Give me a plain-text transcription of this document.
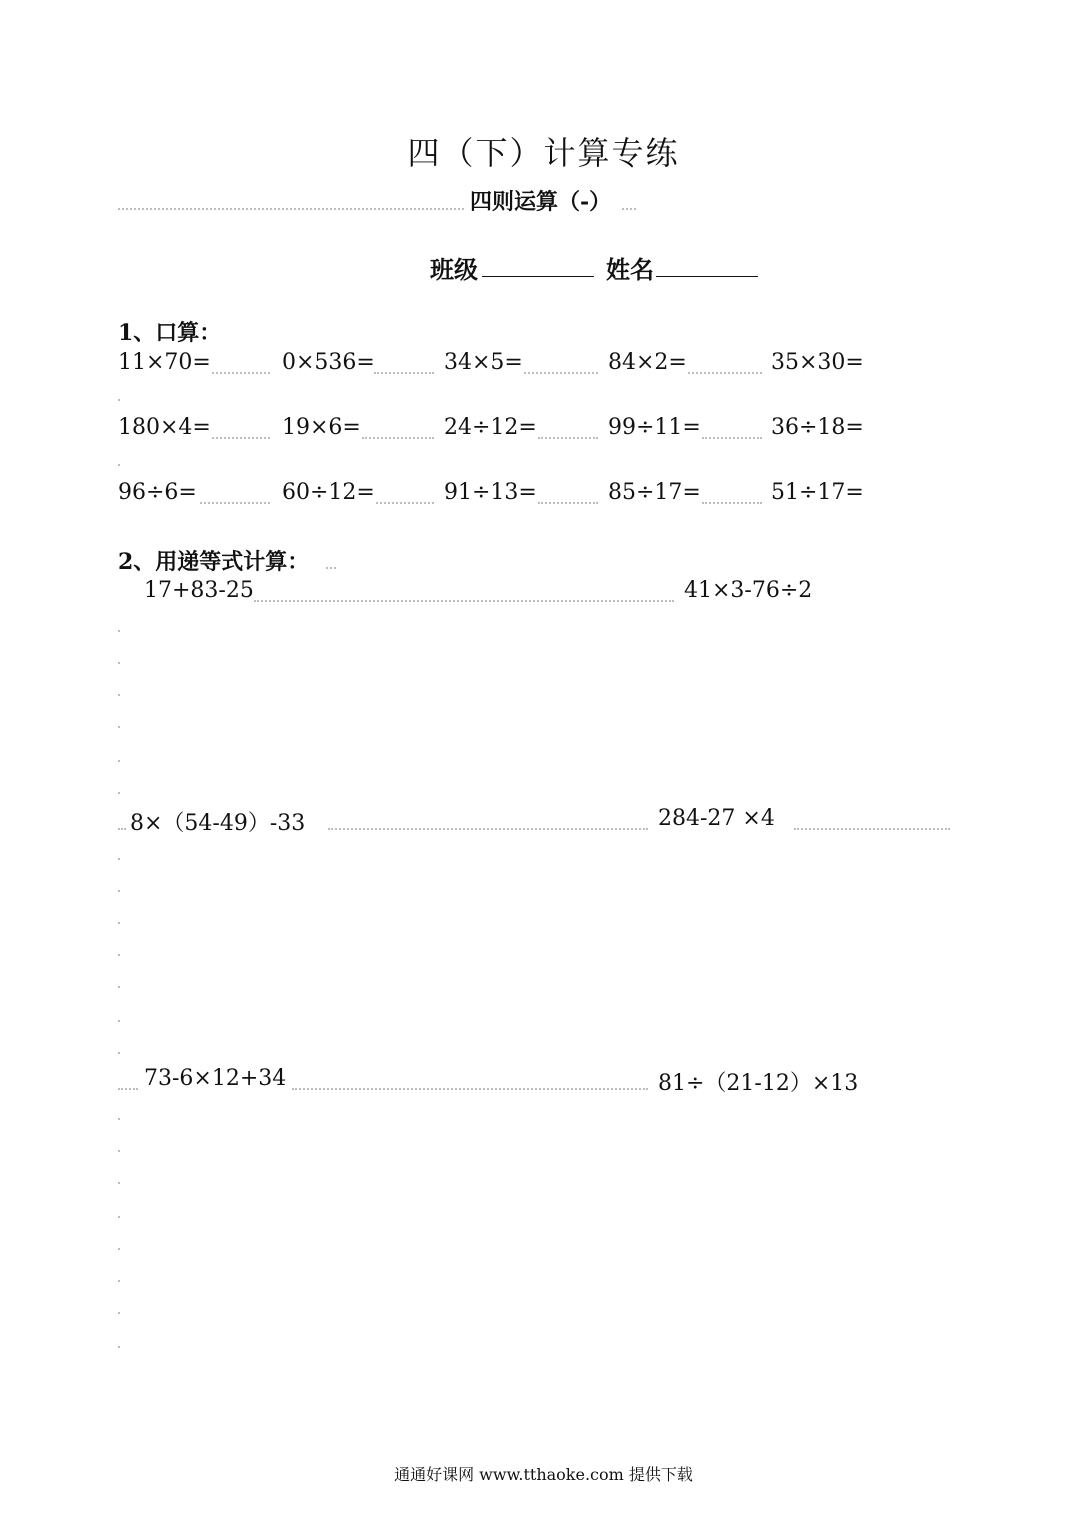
四（下）计算专练
四则运算（-）
班级	姓名
1、口算：
11×70=	0×536=	34×5=	84×2=	35×30=
180×4=	19×6=	24÷12=	99÷11=	36÷18=
96÷6=	60÷12=	91÷13=	85÷17=	51÷17=
2、用递等式计算：
17+83-25	41×3-76÷2
8×（54-49）-33	284-27 ×4
73-6×12+34	81÷（21-12）×13
通通好课网 www.tthaoke.com 提供下载
